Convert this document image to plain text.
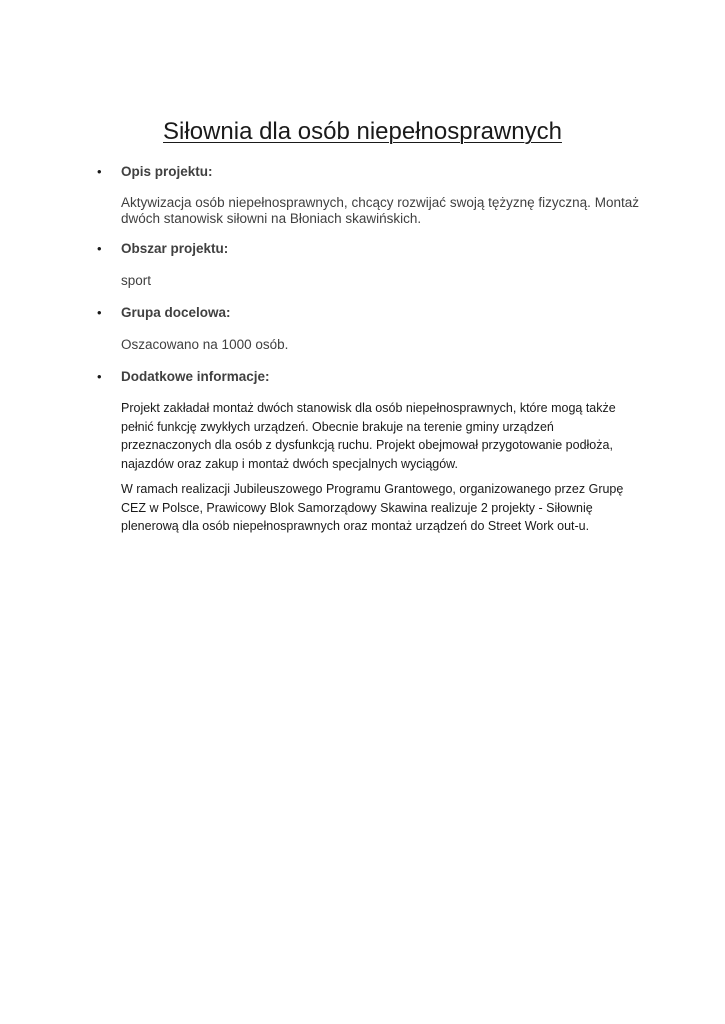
Siłownia dla osób niepełnosprawnych
• Opis projektu:

Aktywizacja osób niepełnosprawnych, chcący rozwijać swoją tężyznę fizyczną. Montaż dwóch stanowisk siłowni na Błoniach skawińskich.

• Obszar projektu:

sport

• Grupa docelowa:

Oszacowano na 1000 osób.

• Dodatkowe informacje:

Projekt zakładał montaż dwóch stanowisk dla osób niepełnosprawnych, które mogą także pełnić funkcję zwykłych urządzeń. Obecnie brakuje na terenie gminy urządzeń przeznaczonych dla osób z dysfunkcją ruchu. Projekt obejmował przygotowanie podłoża, najazdów oraz zakup i montaż dwóch specjalnych wyciągów.

W ramach realizacji Jubileuszowego Programu Grantowego, organizowanego przez Grupę CEZ w Polsce, Prawicowy Blok Samorządowy Skawina realizuje 2 projekty - Siłownię plenerową dla osób niepełnosprawnych oraz montaż urządzeń do Street Work out-u.
